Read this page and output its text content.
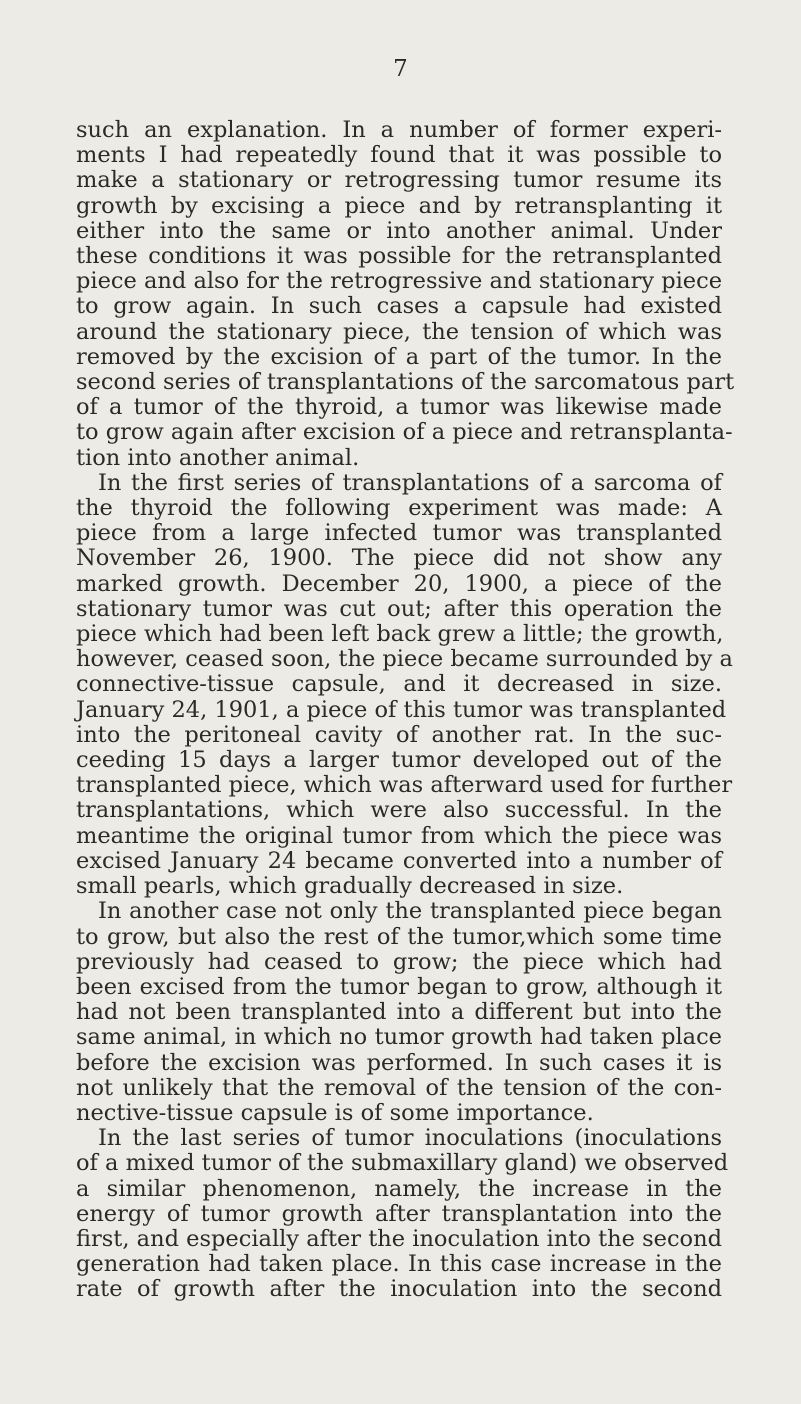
7
such an explanation. In a number of former experi-
ments I had repeatedly found that it was possible to
make a stationary or retrogressing tumor resume its
growth by excising a piece and by retransplanting it
either into the same or into another animal. Under
these conditions it was possible for the retransplanted
piece and also for the retrogressive and stationary piece
to grow again. In such cases a capsule had existed
around the stationary piece, the tension of which was
removed by the excision of a part of the tumor. In the
second series of transplantations of the sarcomatous part
of a tumor of the thyroid, a tumor was likewise made
to grow again after excision of a piece and retransplanta-
tion into another animal.
In the first series of transplantations of a sarcoma of
the thyroid the following experiment was made: A
piece from a large infected tumor was transplanted
November 26, 1900. The piece did not show any
marked growth. December 20, 1900, a piece of the
stationary tumor was cut out; after this operation the
piece which had been left back grew a little; the growth,
however, ceased soon, the piece became surrounded by a
connective-tissue capsule, and it decreased in size.
January 24, 1901, a piece of this tumor was transplanted
into the peritoneal cavity of another rat. In the suc-
ceeding 15 days a larger tumor developed out of the
transplanted piece, which was afterward used for further
transplantations, which were also successful. In the
meantime the original tumor from which the piece was
excised January 24 became converted into a number of
small pearls, which gradually decreased in size.
In another case not only the transplanted piece began
to grow, but also the rest of the tumor,which some time
previously had ceased to grow; the piece which had
been excised from the tumor began to grow, although it
had not been transplanted into a different but into the
same animal, in which no tumor growth had taken place
before the excision was performed. In such cases it is
not unlikely that the removal of the tension of the con-
nective-tissue capsule is of some importance.
In the last series of tumor inoculations (inoculations
of a mixed tumor of the submaxillary gland) we observed
a similar phenomenon, namely, the increase in the
energy of tumor growth after transplantation into the
first, and especially after the inoculation into the second
generation had taken place. In this case increase in the
rate of growth after the inoculation into the second
